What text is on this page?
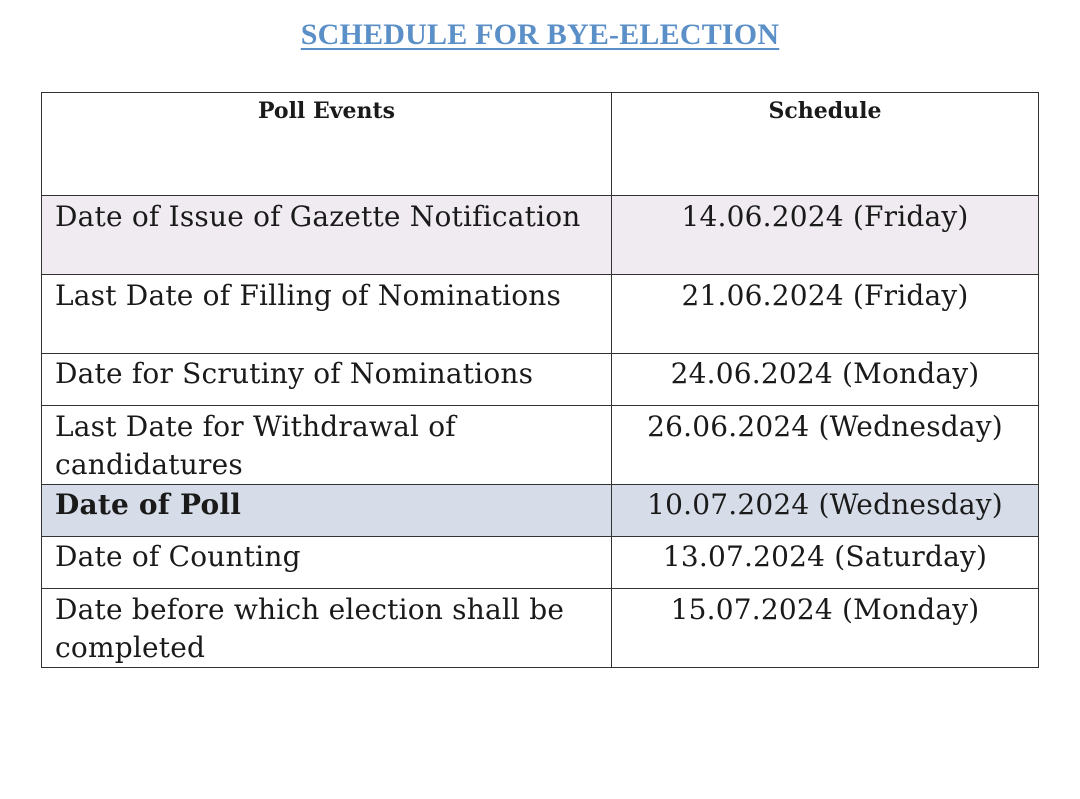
SCHEDULE FOR BYE-ELECTION
Poll Events	Schedule
Date of Issue of Gazette Notification	14.06.2024 (Friday)
Last Date of Filling of Nominations	21.06.2024 (Friday)
Date for Scrutiny of Nominations	24.06.2024 (Monday)
Last Date for Withdrawal of candidatures	26.06.2024 (Wednesday)
Date of Poll	10.07.2024 (Wednesday)
Date of Counting	13.07.2024 (Saturday)
Date before which election shall be completed	15.07.2024 (Monday)
